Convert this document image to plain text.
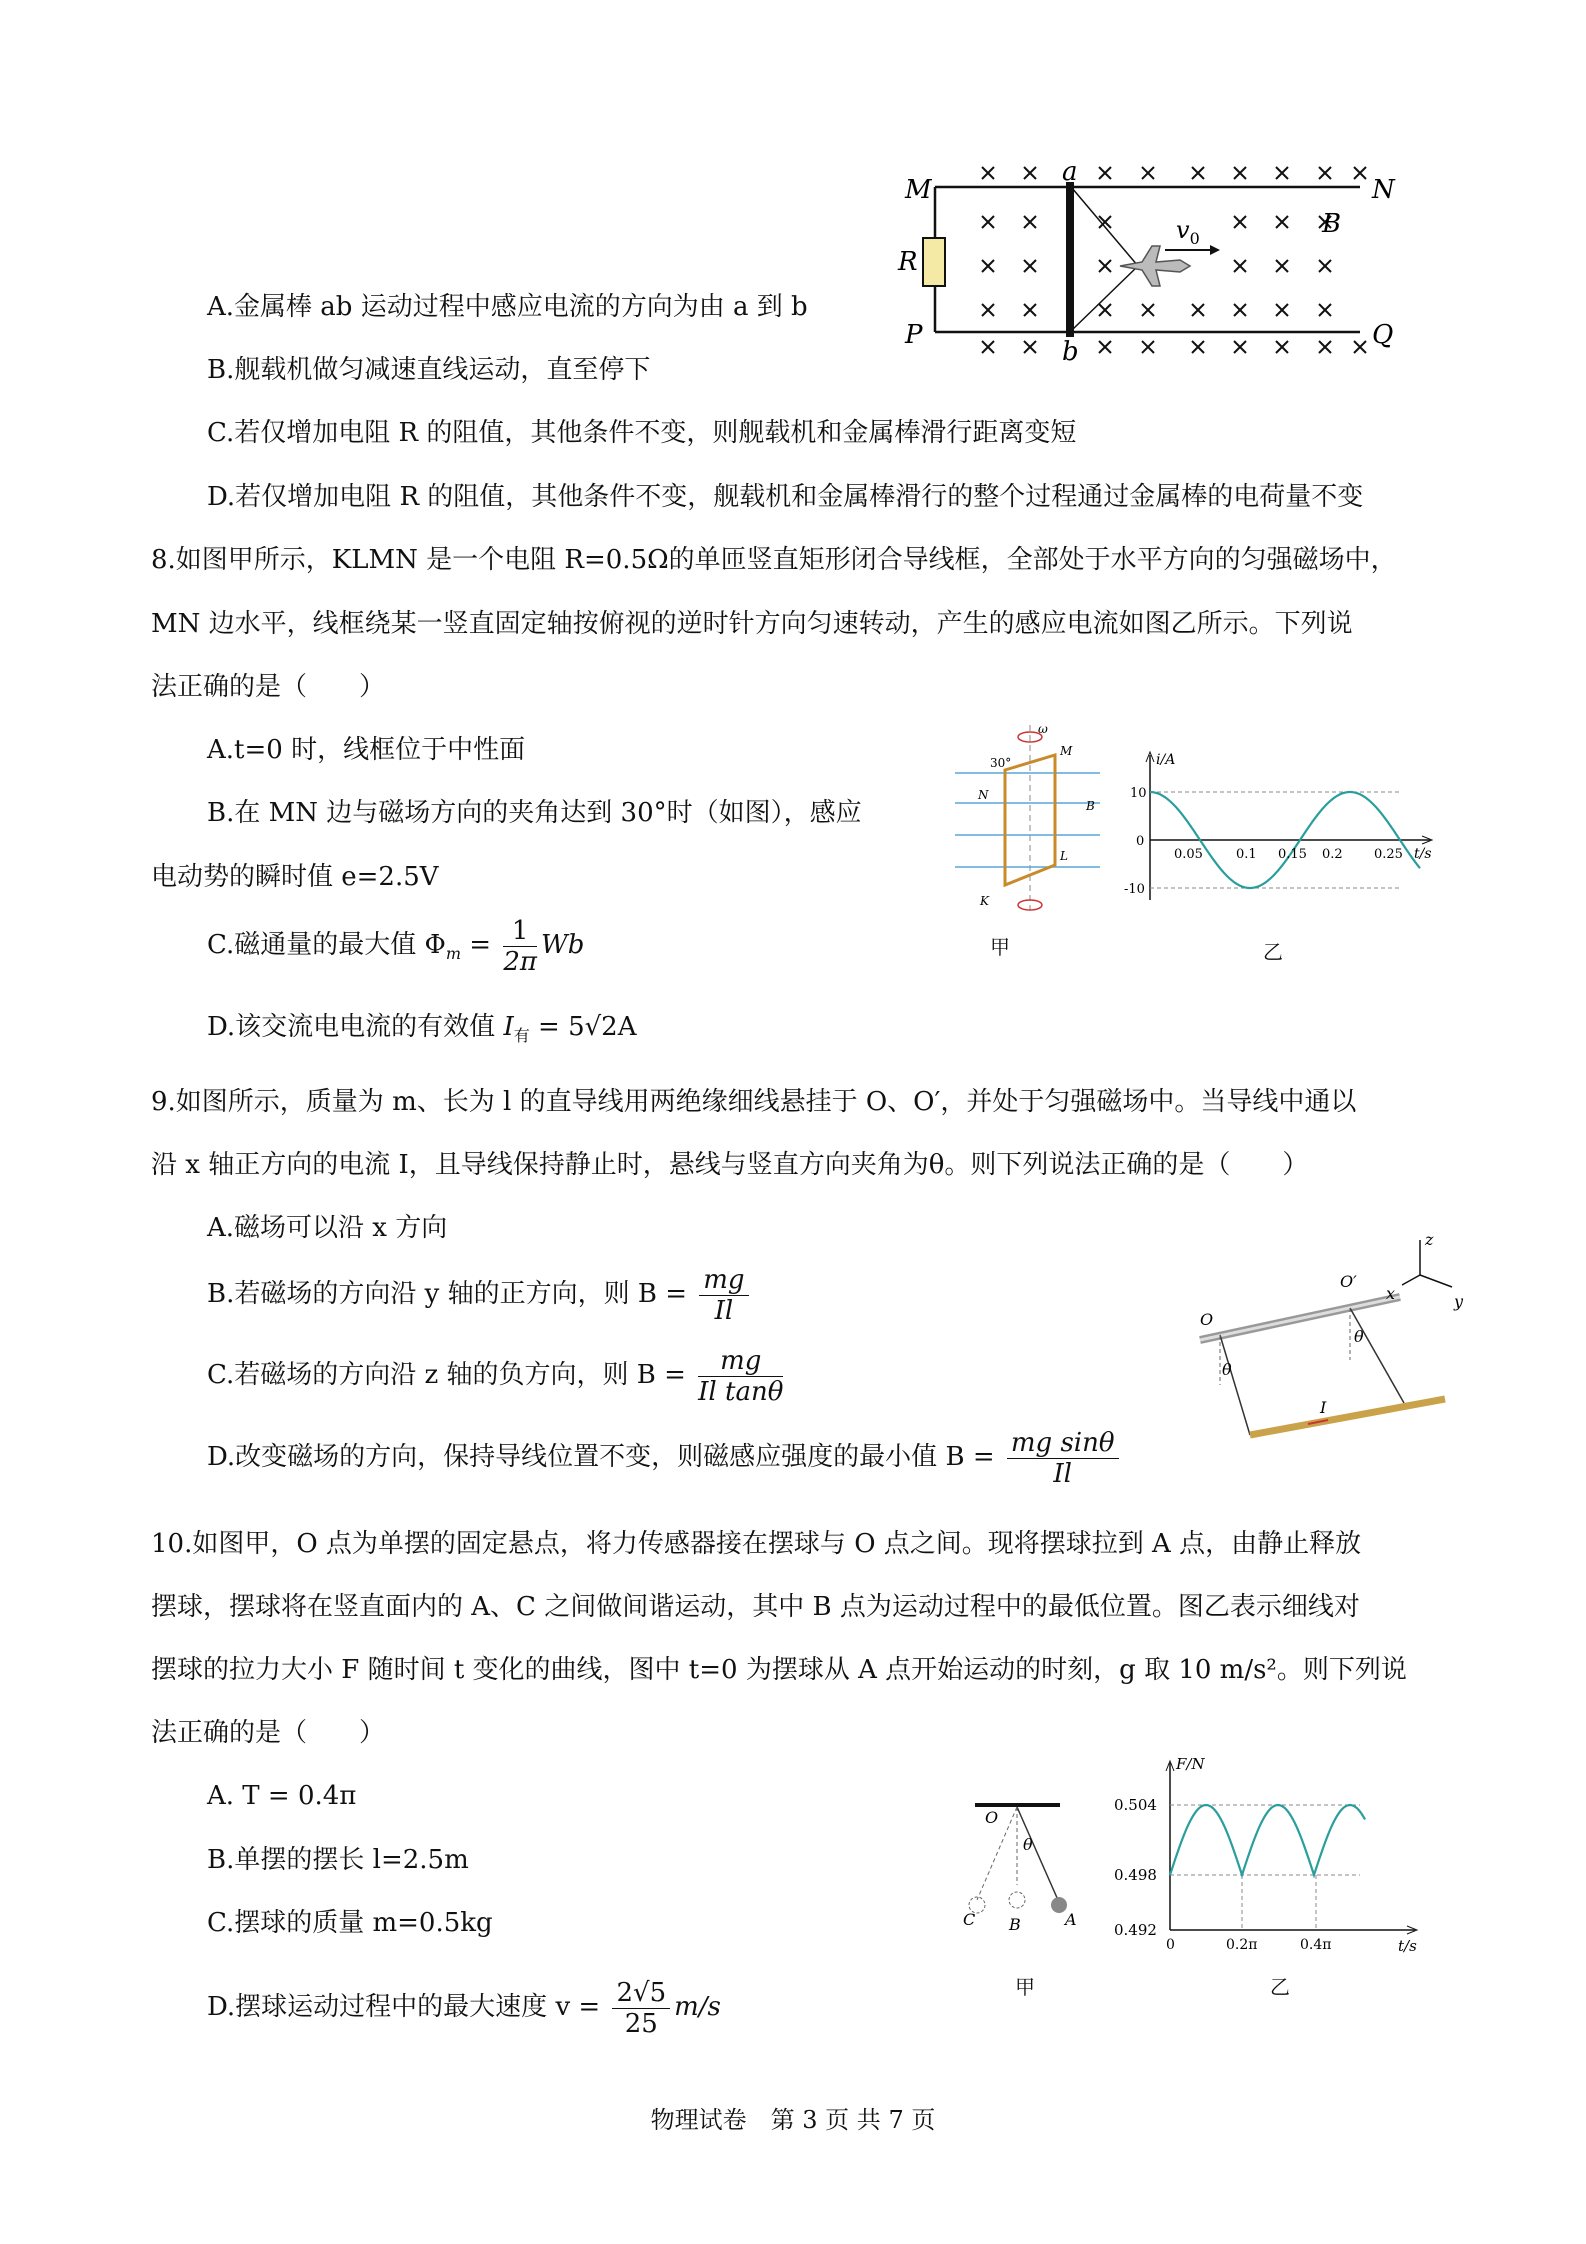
M	N
P	Q
a
b
R
B
$v_0$
A.金属棒 ab 运动过程中感应电流的方向为由 a 到 b
B.舰载机做匀减速直线运动，直至停下
C.若仅增加电阻 R 的阻值，其他条件不变，则舰载机和金属棒滑行距离变短
D.若仅增加电阻 R 的阻值，其他条件不变，舰载机和金属棒滑行的整个过程通过金属棒的电荷量不变
8.如图甲所示，KLMN 是一个电阻 R=0.5Ω的单匝竖直矩形闭合导线框，全部处于水平方向的匀强磁场中，
MN 边水平，线框绕某一竖直固定轴按俯视的逆时针方向匀速转动，产生的感应电流如图乙所示。下列说
法正确的是（　　）
A.t=0 时，线框位于中性面
B.在 MN 边与磁场方向的夹角达到 30°时（如图），感应
电动势的瞬时值 e=2.5V
C.磁通量的最大值 $\Phi_m = \frac{1}{2\pi}$ Wb
D.该交流电电流的有效值 $I_有 = 5√2A$
ω
30°
M
N
L
K
B
甲
i/A
t/s
10
0
-10
0.05	0.1 0.15 0.2 0.25
乙
9.如图所示，质量为 m、长为 l 的直导线用两绝缘细线悬挂于 O、O′，并处于匀强磁场中。当导线中通以
沿 x 轴正方向的电流 I，且导线保持静止时，悬线与竖直方向夹角为θ。则下列说法正确的是（　　）
A.磁场可以沿 x 方向
B.若磁场的方向沿 y 轴的正方向，则 $B = \frac{mg}{Il}$
C.若磁场的方向沿 z 轴的负方向，则 $B = \frac{mg}{\text{Il tanθ}}$
D.改变磁场的方向，保持导线位置不变，则磁感应强度的最小值 $B = \frac{\text{mg sinθ}}{Il}$
O
O′
z
x	y
θ
θ
I
10.如图甲，O 点为单摆的固定悬点，将力传感器接在摆球与 O 点之间。现将摆球拉到 A 点，由静止释放
摆球，摆球将在竖直面内的 A、C 之间做间谐运动，其中 B 点为运动过程中的最低位置。图乙表示细线对
摆球的拉力大小 F 随时间 t 变化的曲线，图中 t=0 为摆球从 A 点开始运动的时刻，g 取 10 m/s²。则下列说
法正确的是（　　）
A. T = 0.4π
B.单摆的摆长 l=2.5m
C.摆球的质量 m=0.5kg
D.摆球运动过程中的最大速度 $v = \frac{2√5}{25} m/s$
O
θ
A
B
C
甲
F/N
t/s
0.504
0.498
0.492
0	0.2π	0.4π
乙
物理试卷　第 3 页 共 7 页
